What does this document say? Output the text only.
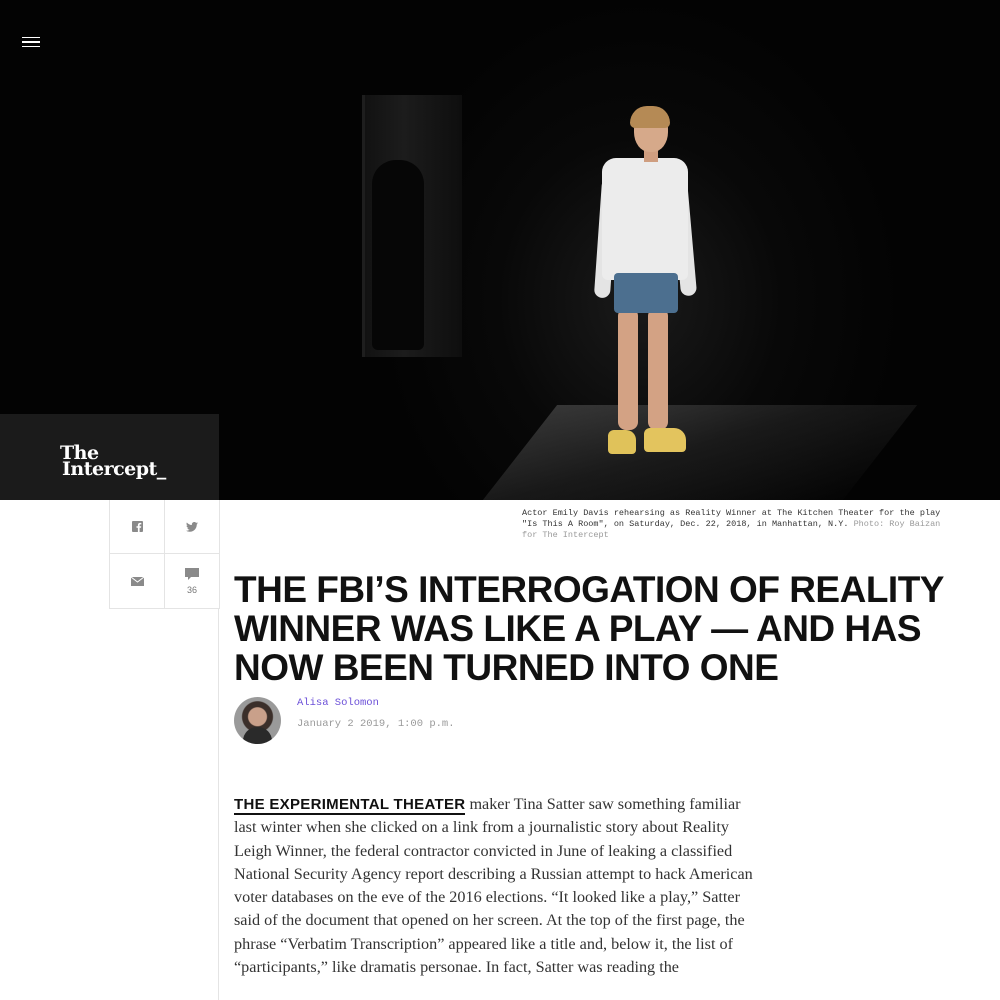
The
Intercept_
36
Actor Emily Davis rehearsing as Reality Winner at The Kitchen Theater for the play "Is This A Room", on Saturday, Dec. 22, 2018, in Manhattan, N.Y. Photo: Roy Baizan for The Intercept
THE FBI’S INTERROGATION OF REALITY WINNER WAS LIKE A PLAY — AND HAS NOW BEEN TURNED INTO ONE
Alisa Solomon
January 2 2019, 1:00 p.m.
THE EXPERIMENTAL THEATER maker Tina Satter saw something familiar last winter when she clicked on a link from a journalistic story about Reality Leigh Winner, the federal contractor convicted in June of leaking a classified National Security Agency report describing a Russian attempt to hack American voter databases on the eve of the 2016 elections. “It looked like a play,” Satter said of the document that opened on her screen. At the top of the first page, the phrase “Verbatim Transcription” appeared like a title and, below it, the list of “participants,” like dramatis personae. In fact, Satter was reading the
